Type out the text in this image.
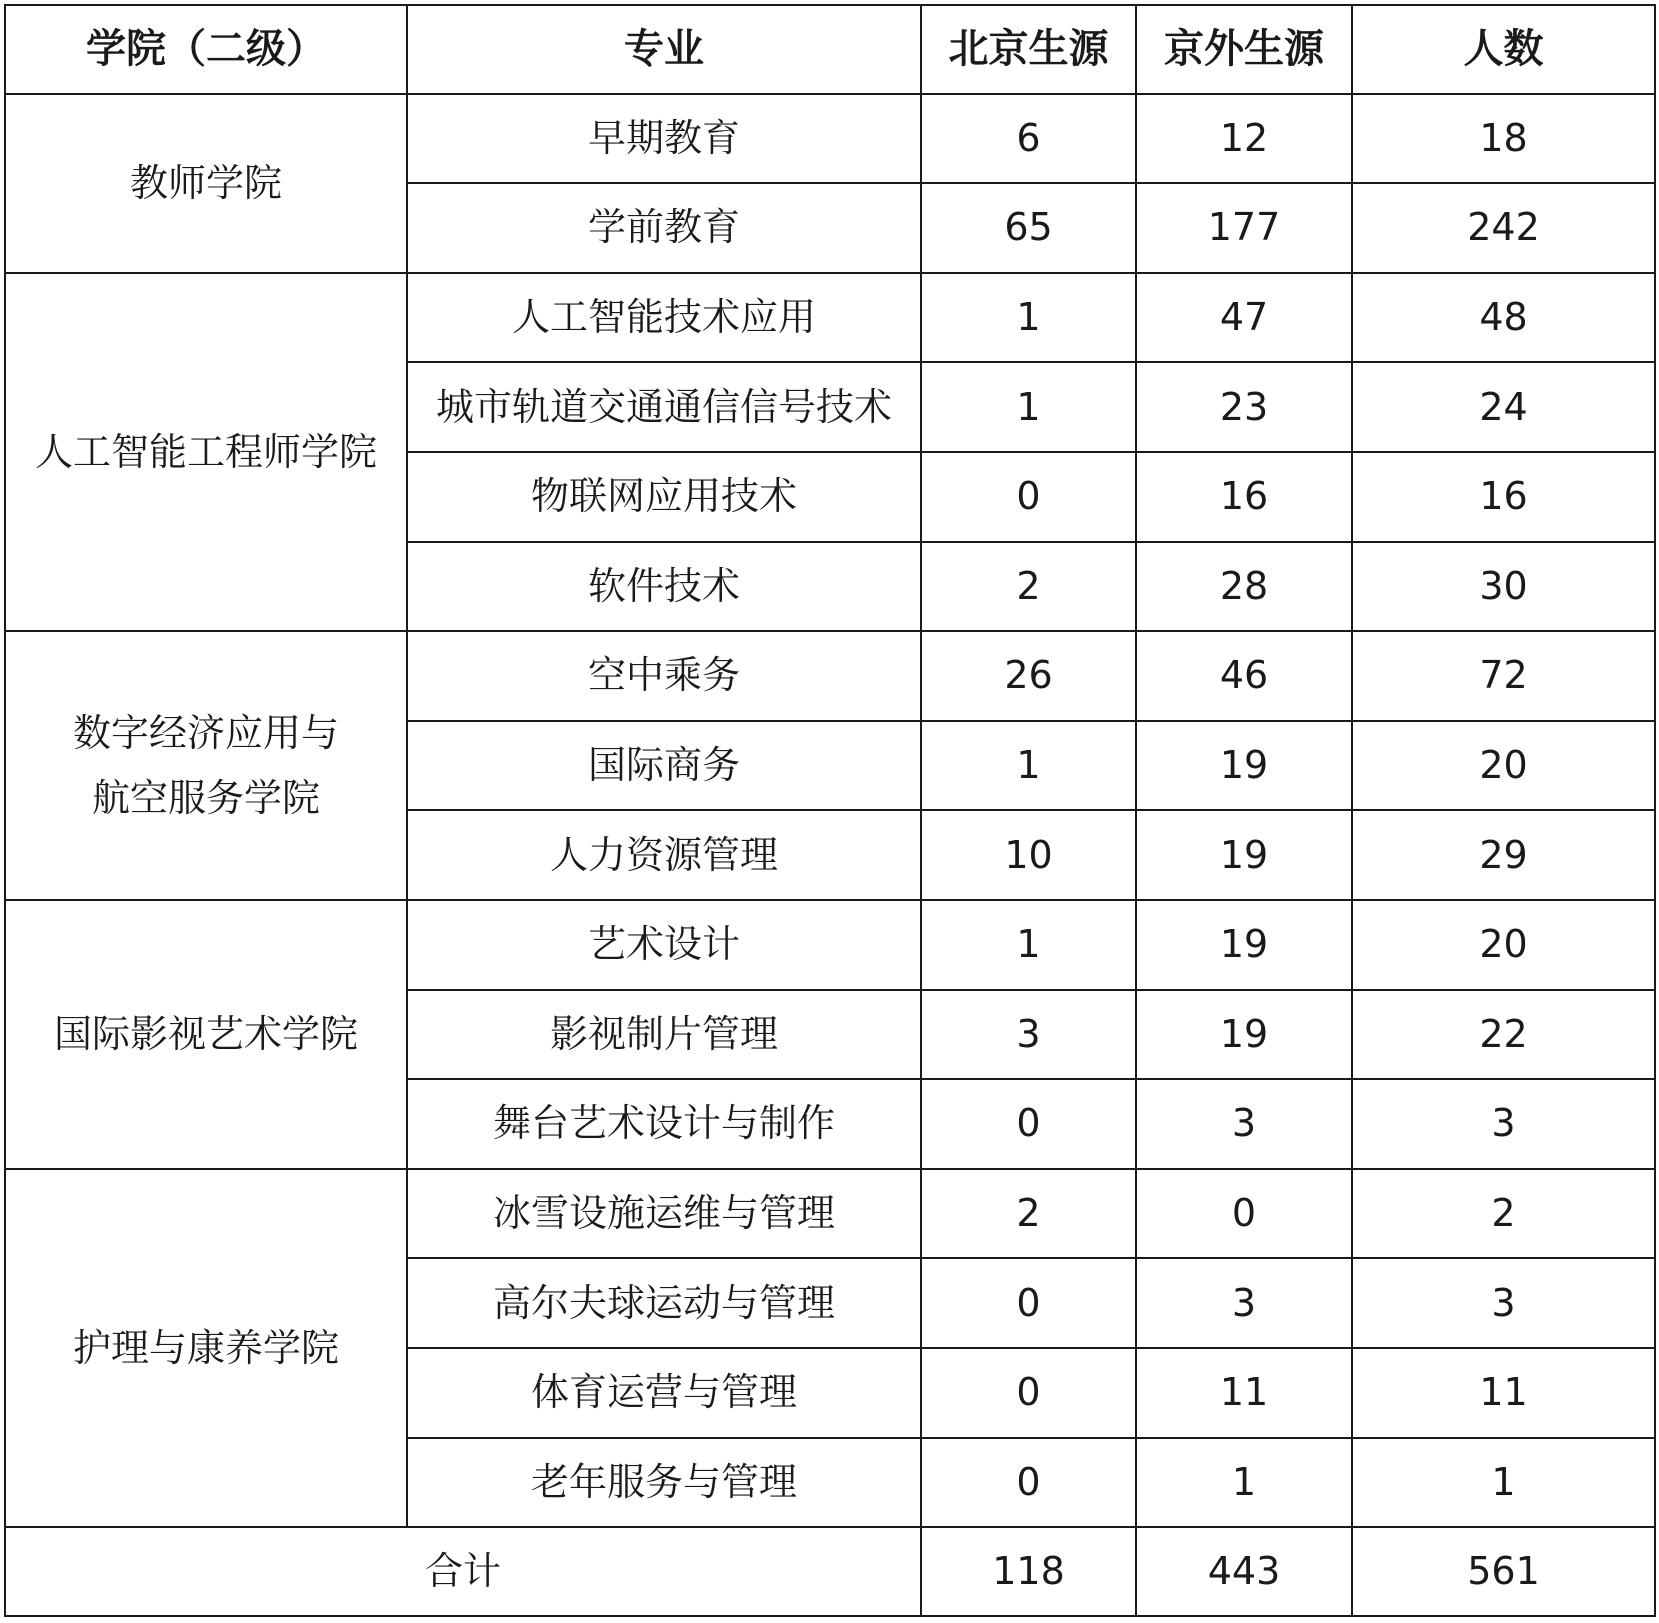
学院（二级）	专业	北京生源	京外生源	人数
教师学院	早期教育	6	12	18
	学前教育	65	177	242
人工智能工程师学院	人工智能技术应用	1	47	48
	城市轨道交通通信信号技术	1	23	24
	物联网应用技术	0	16	16
	软件技术	2	28	30

数字经济应用与
航空服务学院	空中乘务	26	46	72
	国际商务	1	19	20
	人力资源管理	10	19	29
国际影视艺术学院	艺术设计	1	19	20
	影视制片管理	3	19	22
	舞台艺术设计与制作	0	3	3
护理与康养学院	冰雪设施运维与管理	2	0	2
	高尔夫球运动与管理	0	3	3
	体育运营与管理	0	11	11
	老年服务与管理	0	1	1
合计		118	443	561
